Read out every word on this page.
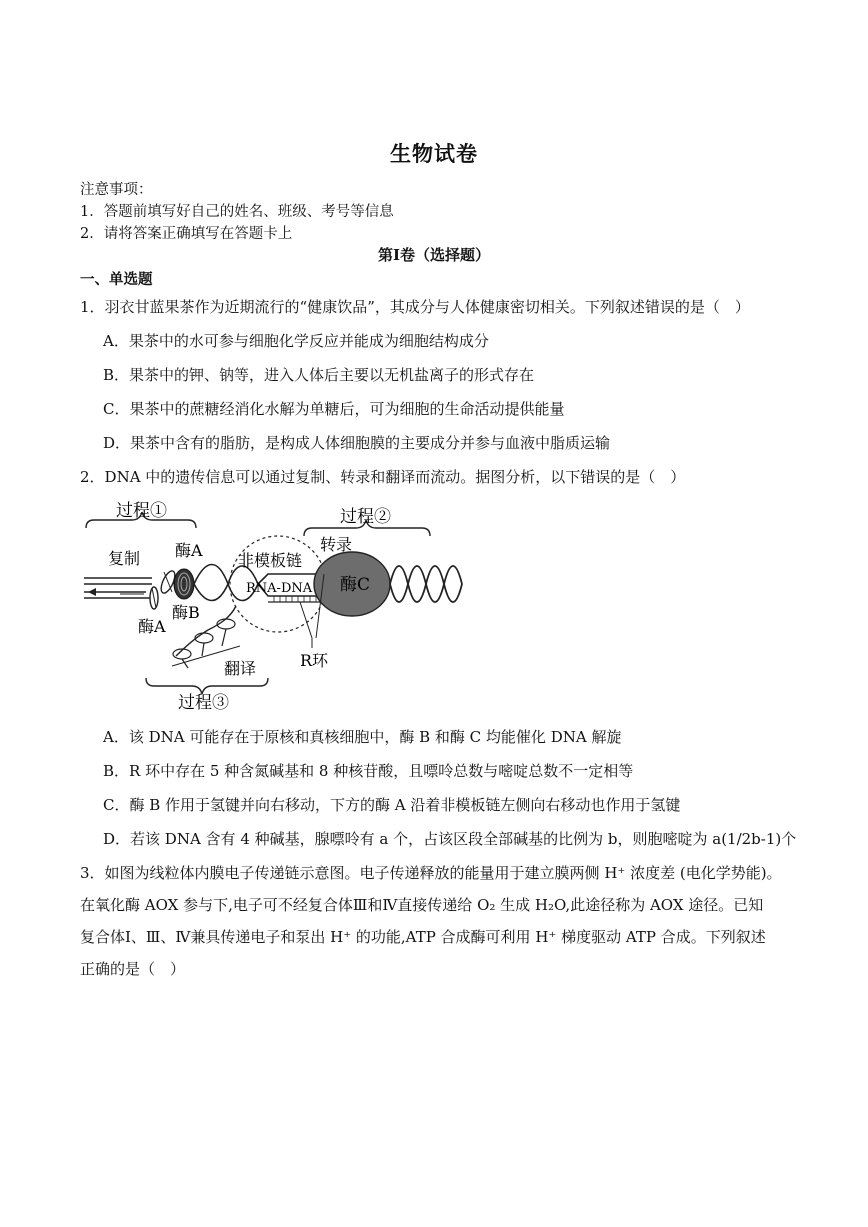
生物试卷
注意事项：
1．答题前填写好自己的姓名、班级、考号等信息
2．请将答案正确填写在答题卡上
第Ⅰ卷（选择题）
一、单选题
1．羽衣甘蓝果茶作为近期流行的“健康饮品”，其成分与人体健康密切相关。下列叙述错误的是（　）
A．果茶中的水可参与细胞化学反应并能成为细胞结构成分
B．果茶中的钾、钠等，进入人体后主要以无机盐离子的形式存在
C．果茶中的蔗糖经消化水解为单糖后，可为细胞的生命活动提供能量
D．果茶中含有的脂肪，是构成人体细胞膜的主要成分并参与血液中脂质运输
2．DNA 中的遗传信息可以通过复制、转录和翻译而流动。据图分析，以下错误的是（　）
过程①	过程②
复制 酶A
酶A
酶B
非模板链
RNA-DNA
转录
酶C
R环
翻译
过程③
A．该 DNA 可能存在于原核和真核细胞中，酶 B 和酶 C 均能催化 DNA 解旋
B．R 环中存在 5 种含氮碱基和 8 种核苷酸，且嘌呤总数与嘧啶总数不一定相等
C．酶 B 作用于氢键并向右移动，下方的酶 A 沿着非模板链左侧向右移动也作用于氢键
D．若该 DNA 含有 4 种碱基，腺嘌呤有 a 个，占该区段全部碱基的比例为 b，则胞嘧啶为 a(1/2b-1)个
3．如图为线粒体内膜电子传递链示意图。电子传递释放的能量用于建立膜两侧 H⁺ 浓度差 (电化学势能)。
在氧化酶 AOX 参与下,电子可不经复合体Ⅲ和Ⅳ直接传递给 O₂ 生成 H₂O,此途径称为 AOX 途径。已知
复合体Ⅰ、Ⅲ、Ⅳ兼具传递电子和泵出 H⁺ 的功能,ATP 合成酶可利用 H⁺ 梯度驱动 ATP 合成。下列叙述
正确的是（　）
